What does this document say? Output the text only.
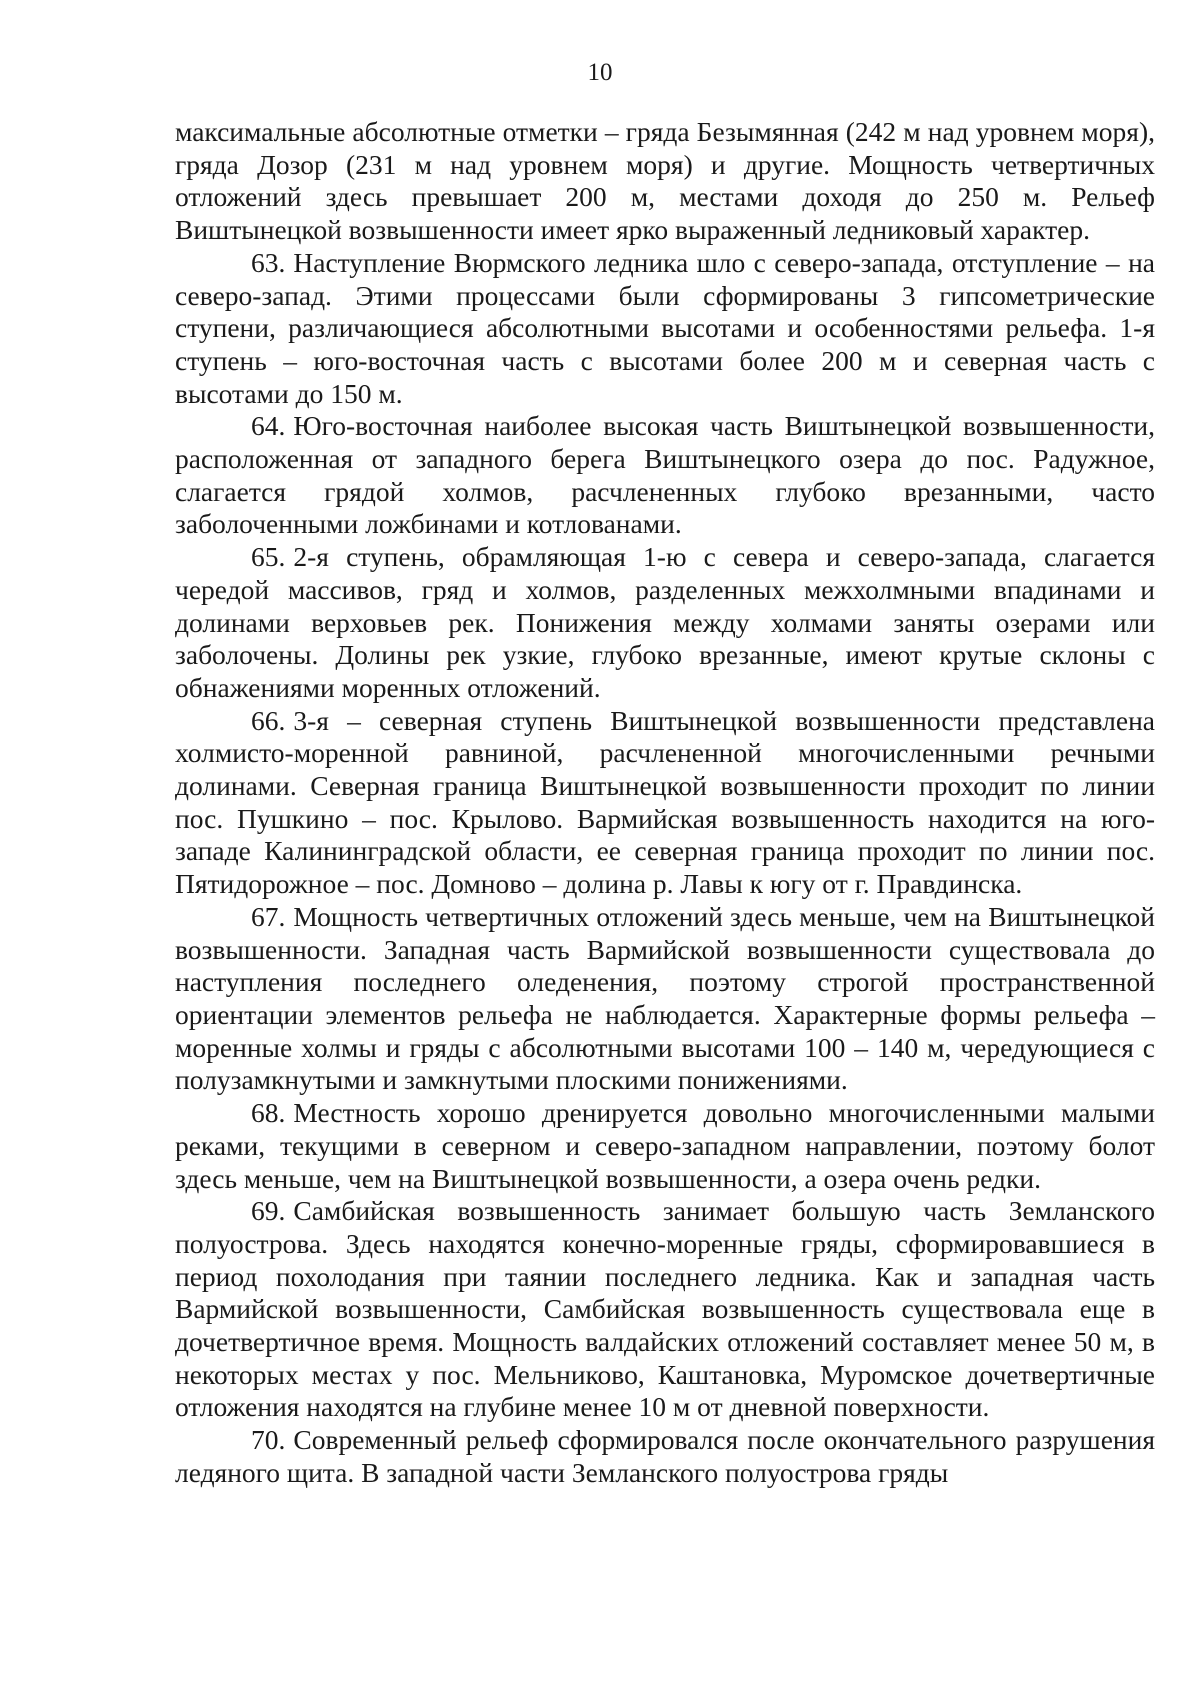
10

максимальные абсолютные отметки – гряда Безымянная (242 м над уровнем моря), гряда Дозор (231 м над уровнем моря) и другие. Мощность четвертичных отложений здесь превышает 200 м, местами доходя до 250 м. Рельеф Виштынецкой возвышенности имеет ярко выраженный ледниковый характер.

63. Наступление Вюрмского ледника шло с северо-запада, отступление – на северо-запад. Этими процессами были сформированы 3 гипсометрические ступени, различающиеся абсолютными высотами и особенностями рельефа. 1-я ступень – юго-восточная часть с высотами более 200 м и северная часть с высотами до 150 м.

64. Юго-восточная наиболее высокая часть Виштынецкой возвышенности, расположенная от западного берега Виштынецкого озера до пос. Радужное, слагается грядой холмов, расчлененных глубоко врезанными, часто заболоченными ложбинами и котлованами.

65. 2-я ступень, обрамляющая 1-ю с севера и северо-запада, слагается чередой массивов, гряд и холмов, разделенных межхолмными впадинами и долинами верховьев рек. Понижения между холмами заняты озерами или заболочены. Долины рек узкие, глубоко врезанные, имеют крутые склоны с обнажениями моренных отложений.

66. 3-я – северная ступень Виштынецкой возвышенности представлена холмисто-моренной равниной, расчлененной многочисленными речными долинами. Северная граница Виштынецкой возвышенности проходит по линии пос. Пушкино – пос. Крылово. Вармийская возвышенность находится на юго-западе Калининградской области, ее северная граница проходит по линии пос. Пятидорожное – пос. Домново – долина р. Лавы к югу от г. Правдинска.

67. Мощность четвертичных отложений здесь меньше, чем на Виштынецкой возвышенности. Западная часть Вармийской возвышенности существовала до наступления последнего оледенения, поэтому строгой пространственной ориентации элементов рельефа не наблюдается. Характерные формы рельефа – моренные холмы и гряды с абсолютными высотами 100 – 140 м, чередующиеся с полузамкнутыми и замкнутыми плоскими понижениями.

68. Местность хорошо дренируется довольно многочисленными малыми реками, текущими в северном и северо-западном направлении, поэтому болот здесь меньше, чем на Виштынецкой возвышенности, а озера очень редки.

69. Самбийская возвышенность занимает большую часть Земланского полуострова. Здесь находятся конечно-моренные гряды, сформировавшиеся в период похолодания при таянии последнего ледника. Как и западная часть Вармийской возвышенности, Самбийская возвышенность существовала еще в дочетвертичное время. Мощность валдайских отложений составляет менее 50 м, в некоторых местах у пос. Мельниково, Каштановка, Муромское дочетвертичные отложения находятся на глубине менее 10 м от дневной поверхности.

70. Современный рельеф сформировался после окончательного разрушения ледяного щита. В западной части Земланского полуострова гряды
